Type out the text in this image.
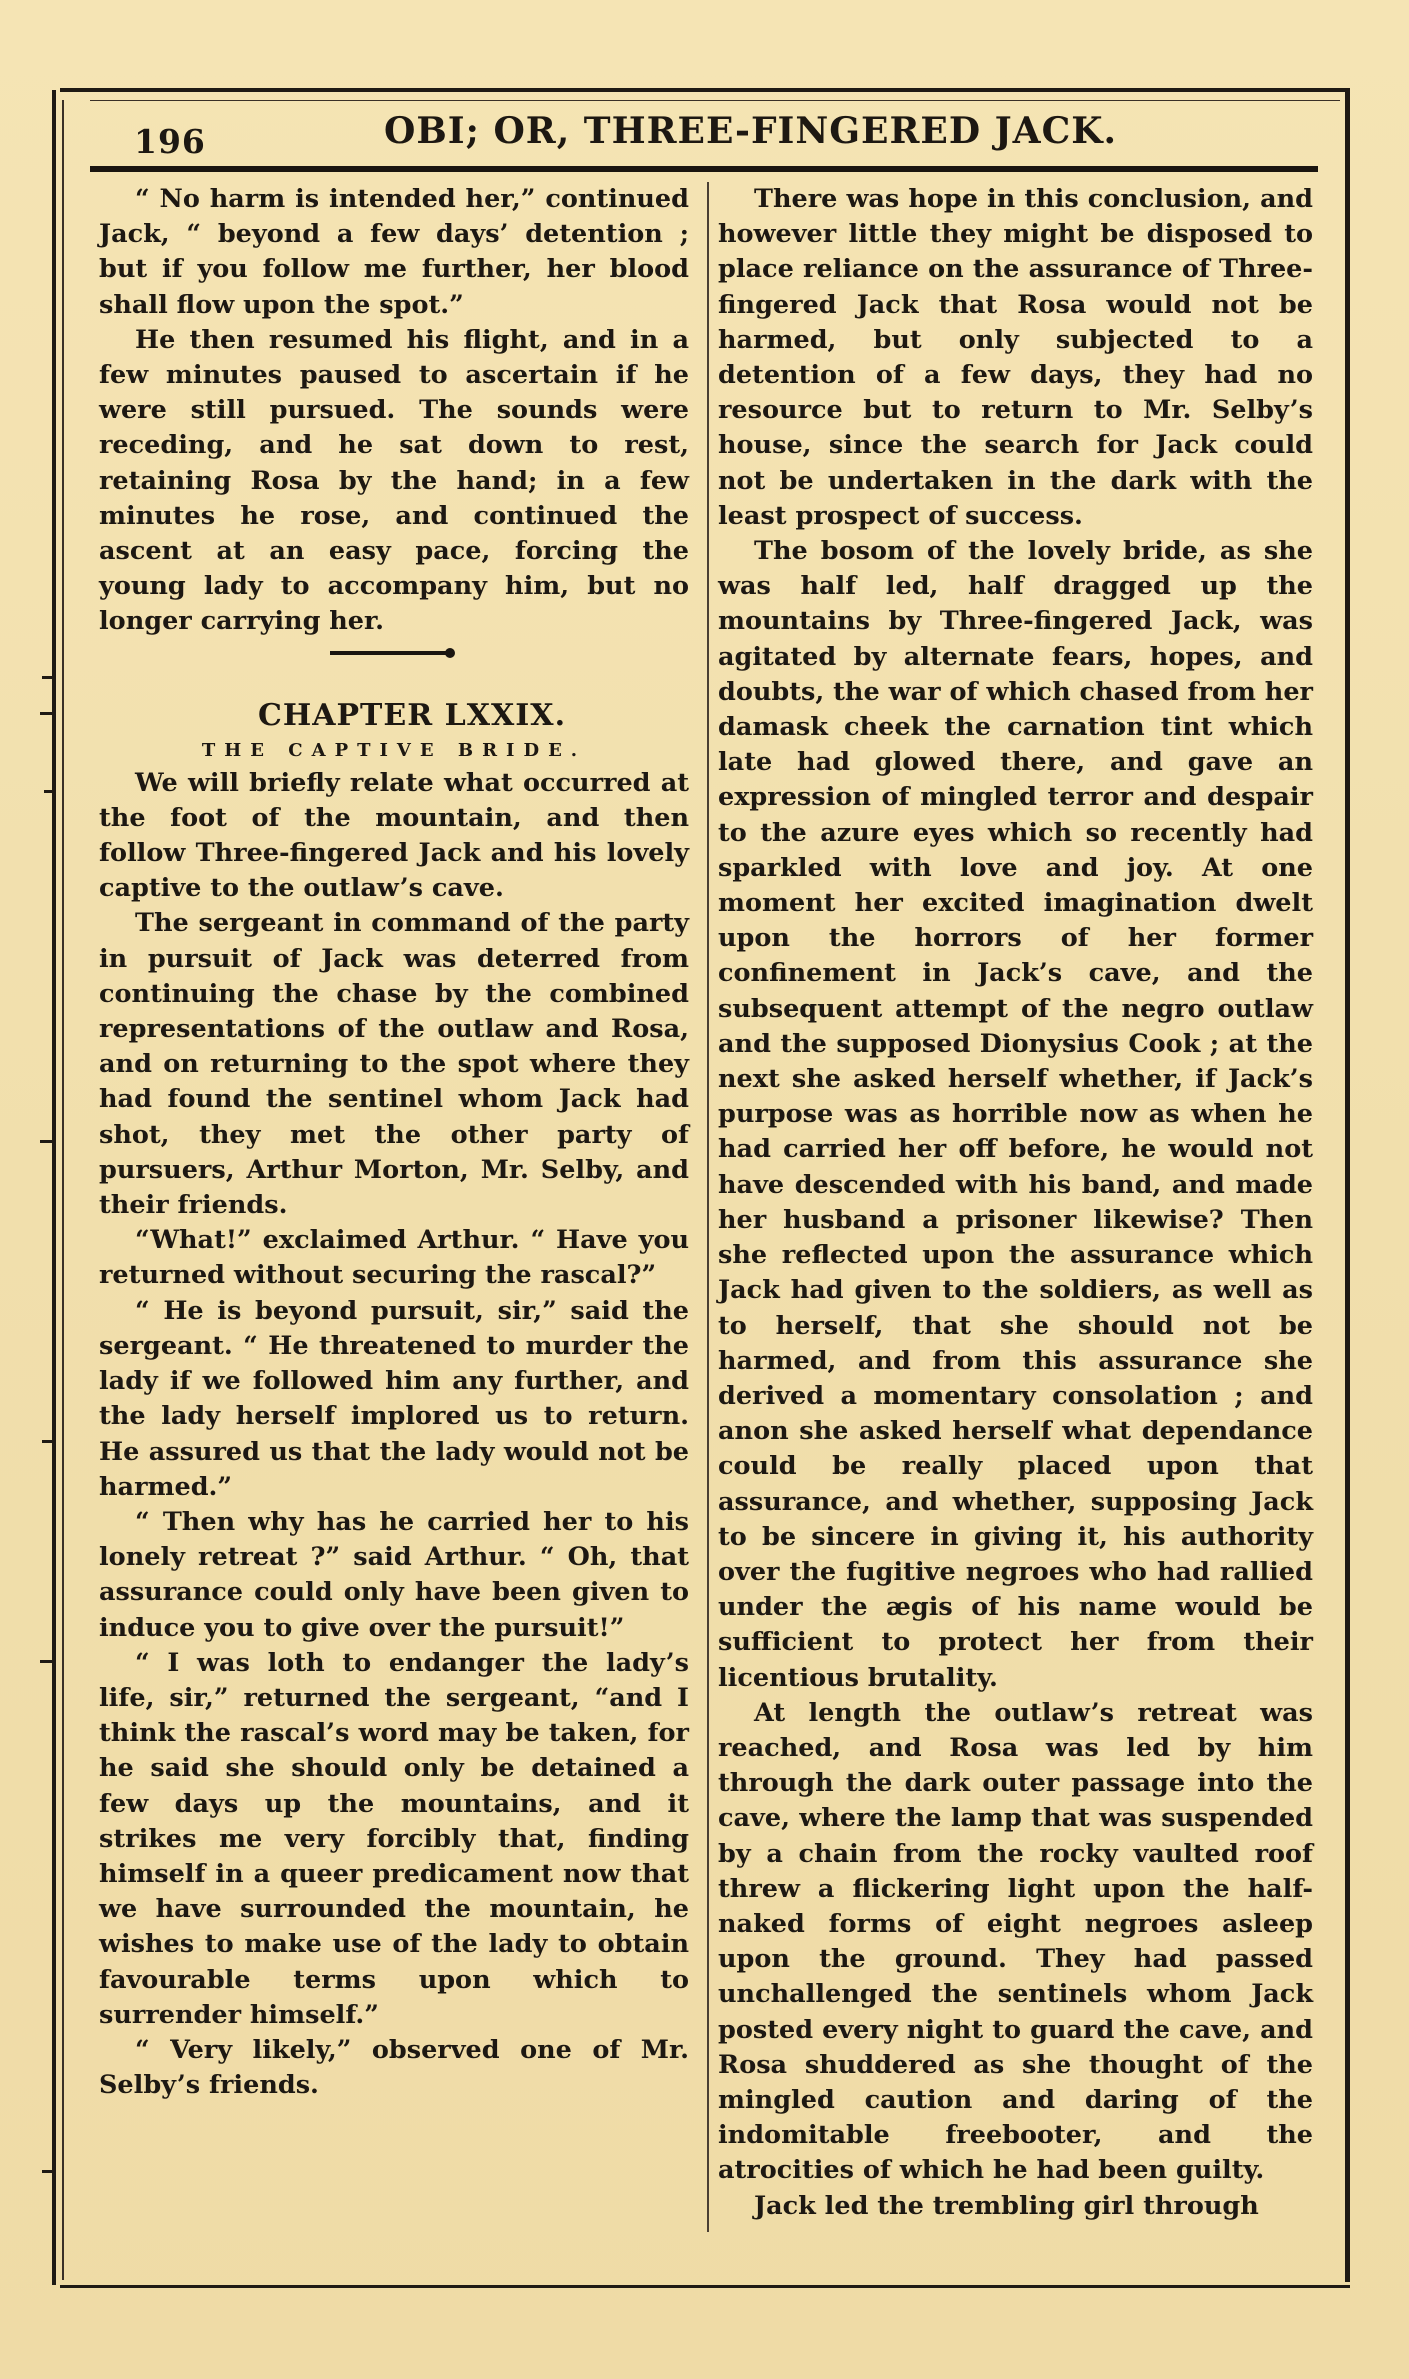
196	OBI; OR, THREE-FINGERED JACK.

“ No harm is intended her,” continued Jack, “ beyond a few days’ detention ; but if you follow me further, her blood shall flow upon the spot.”

He then resumed his flight, and in a few minutes paused to ascertain if he were still pursued. The sounds were receding, and he sat down to rest, retaining Rosa by the hand; in a few minutes he rose, and continued the ascent at an easy pace, forcing the young lady to accompany him, but no longer carrying her.

CHAPTER LXXIX.

THE CAPTIVE BRIDE.

We will briefly relate what occurred at the foot of the mountain, and then follow Three-fingered Jack and his lovely captive to the outlaw’s cave.

The sergeant in command of the party in pursuit of Jack was deterred from continuing the chase by the combined representations of the outlaw and Rosa, and on returning to the spot where they had found the sentinel whom Jack had shot, they met the other party of pursuers, Arthur Morton, Mr. Selby, and their friends.

“What!” exclaimed Arthur. “ Have you returned without securing the rascal?”

“ He is beyond pursuit, sir,” said the sergeant. “ He threatened to murder the lady if we followed him any further, and the lady herself implored us to return. He assured us that the lady would not be harmed.”

“ Then why has he carried her to his lonely retreat ?” said Arthur. “ Oh, that assurance could only have been given to induce you to give over the pursuit!”

“ I was loth to endanger the lady’s life, sir,” returned the sergeant, “and I think the rascal’s word may be taken, for he said she should only be detained a few days up the mountains, and it strikes me very forcibly that, finding himself in a queer predicament now that we have surrounded the mountain, he wishes to make use of the lady to obtain favourable terms upon which to surrender himself.”

“ Very likely,” observed one of Mr. Selby’s friends.

There was hope in this conclusion, and however little they might be disposed to place reliance on the assurance of Three-fingered Jack that Rosa would not be harmed, but only subjected to a detention of a few days, they had no resource but to return to Mr. Selby’s house, since the search for Jack could not be undertaken in the dark with the least prospect of success.

The bosom of the lovely bride, as she was half led, half dragged up the mountains by Three-fingered Jack, was agitated by alternate fears, hopes, and doubts, the war of which chased from her damask cheek the carnation tint which late had glowed there, and gave an expression of mingled terror and despair to the azure eyes which so recently had sparkled with love and joy. At one moment her excited imagination dwelt upon the horrors of her former confinement in Jack’s cave, and the subsequent attempt of the negro outlaw and the supposed Dionysius Cook ; at the next she asked herself whether, if Jack’s purpose was as horrible now as when he had carried her off before, he would not have descended with his band, and made her husband a prisoner likewise? Then she reflected upon the assurance which Jack had given to the soldiers, as well as to herself, that she should not be harmed, and from this assurance she derived a momentary consolation ; and anon she asked herself what dependance could be really placed upon that assurance, and whether, supposing Jack to be sincere in giving it, his authority over the fugitive negroes who had rallied under the ægis of his name would be sufficient to protect her from their licentious brutality.

At length the outlaw’s retreat was reached, and Rosa was led by him through the dark outer passage into the cave, where the lamp that was suspended by a chain from the rocky vaulted roof threw a flickering light upon the half-naked forms of eight negroes asleep upon the ground. They had passed unchallenged the sentinels whom Jack posted every night to guard the cave, and Rosa shuddered as she thought of the mingled caution and daring of the indomitable freebooter, and the atrocities of which he had been guilty.

Jack led the trembling girl through
